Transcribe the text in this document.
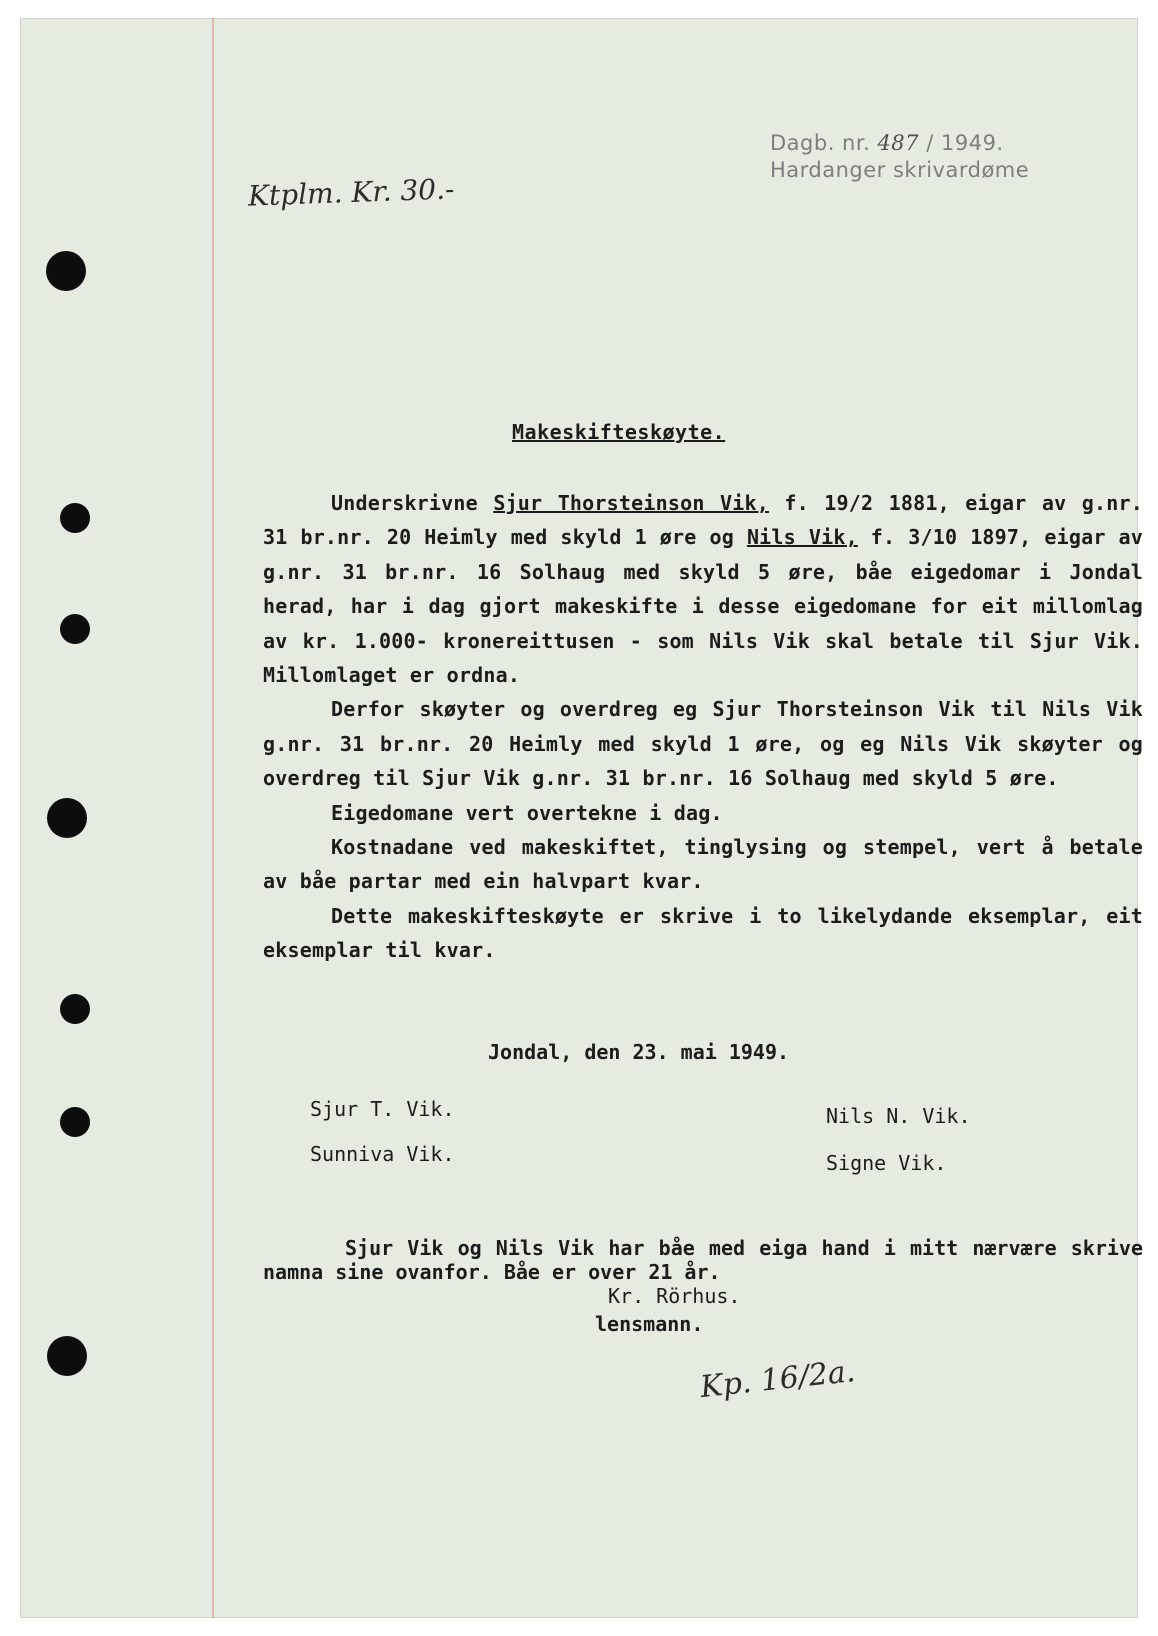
Dagb. nr. 487 / 1949.
Hardanger skrivardøme
Ktplm. Kr. 30.-
Makeskifteskøyte.

Underskrivne Sjur Thorsteinson Vik, f. 19/2 1881, eigar av g.nr. 31 br.nr. 20 Heimly med skyld 1 øre og Nils Vik, f. 3/10 1897, eigar av g.nr. 31 br.nr. 16 Solhaug med skyld 5 øre, båe eigedomar i Jondal herad, har i dag gjort makeskifte i desse eigedomane for eit millomlag av kr. 1.000- kronereittusen - som Nils Vik skal betale til Sjur Vik. Millomlaget er ordna.

Derfor skøyter og overdreg eg Sjur Thorsteinson Vik til Nils Vik g.nr. 31 br.nr. 20 Heimly med skyld 1 øre, og eg Nils Vik skøyter og overdreg til Sjur Vik g.nr. 31 br.nr. 16 Solhaug med skyld 5 øre.

Eigedomane vert overtekne i dag.

Kostnadane ved makeskiftet, tinglysing og stempel, vert å betale av båe partar med ein halvpart kvar.

Dette makeskifteskøyte er skrive i to likelydande eksemplar, eit eksemplar til kvar.

Jondal, den 23. mai 1949.
Sjur T. Vik.
Sunniva Vik.
Nils N. Vik.
Signe Vik.
Sjur Vik og Nils Vik har båe med eiga hand i mitt nærvære skrive namna sine ovanfor. Båe er over 21 år.
Kr. Rörhus.
lensmann.
Kp. 16/2a.
